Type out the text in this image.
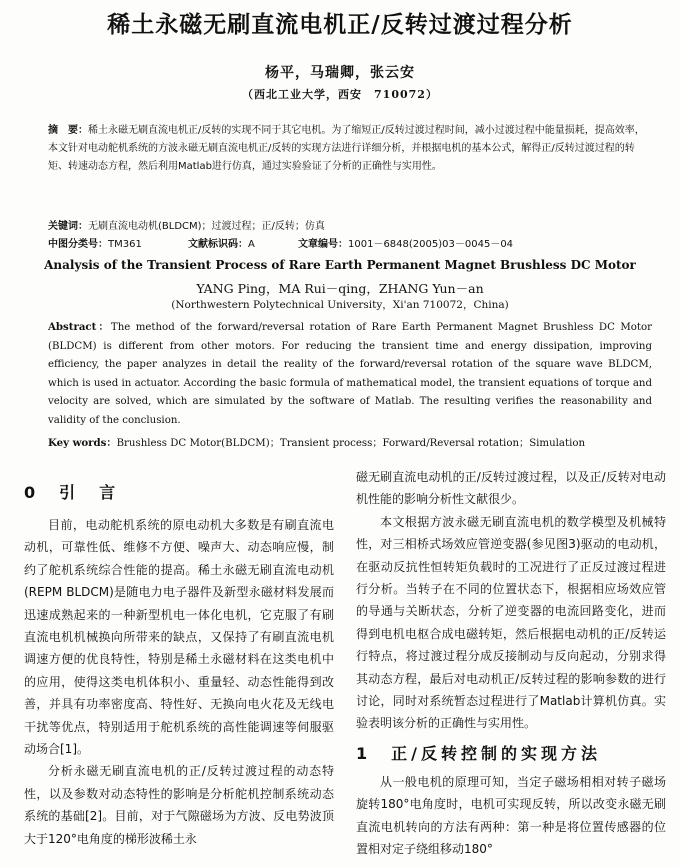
稀土永磁无刷直流电机正/反转过渡过程分析
杨平，马瑞卿，张云安
（西北工业大学，西安　710072）
摘　要：稀土永磁无刷直流电机正/反转的实现不同于其它电机。为了缩短正/反转过渡过程时间，减小过渡过程中能量损耗，提高效率，本文针对电动舵机系统的方波永磁无刷直流电机正/反转的实现方法进行详细分析，并根据电机的基本公式，解得正/反转过渡过程的转矩、转速动态方程，然后利用Matlab进行仿真，通过实验验证了分析的正确性与实用性。
关键词：无刷直流电动机(BLDCM)；过渡过程；正/反转；仿真
中图分类号：TM361	文献标识码：A	文章编号：1001－6848(2005)03－0045－04
Analysis of the Transient Process of Rare Earth Permanent Magnet Brushless DC Motor
YANG Ping，MA Rui－qing，ZHANG Yun－an
(Northwestern Polytechnical University，Xi'an 710072，China)
Abstract：The method of the forward/reversal rotation of Rare Earth Permanent Magnet Brushless DC Motor (BLDCM) is different from other motors. For reducing the transient time and energy dissipation, improving efficiency, the paper analyzes in detail the reality of the forward/reversal rotation of the square wave BLDCM, which is used in actuator. According the basic formula of mathematical model, the transient equations of torque and velocity are solved, which are simulated by the software of Matlab. The resulting verifies the reasonability and validity of the conclusion.
Key words：Brushless DC Motor(BLDCM)；Transient process；Forward/Reversal rotation；Simulation
0　引　言

目前，电动舵机系统的原电动机大多数是有刷直流电动机，可靠性低、维修不方便、噪声大、动态响应慢，制约了舵机系统综合性能的提高。稀土永磁无刷直流电动机(REPM BLDCM)是随电力电子器件及新型永磁材料发展而迅速成熟起来的一种新型机电一体化电机，它克服了有刷直流电机机械换向所带来的缺点，又保持了有刷直流电机调速方便的优良特性，特别是稀土永磁材料在这类电机中的应用，使得这类电机体积小、重量轻、动态性能得到改善，并具有功率密度高、特性好、无换向电火花及无线电干扰等优点，特别适用于舵机系统的高性能调速等伺服驱动场合[1]。

分析永磁无刷直流电机的正/反转过渡过程的动态特性，以及参数对动态特性的影响是分析舵机控制系统动态系统的基础[2]。目前，对于气隙磁场为方波、反电势波顶大于120°电角度的梯形波稀土永

磁无刷直流电动机的正/反转过渡过程，以及正/反转对电动机性能的影响分析性文献很少。

本文根据方波永磁无刷直流电机的数学模型及机械特性，对三相桥式场效应管逆变器(参见图3)驱动的电动机，在驱动反抗性恒转矩负载时的工况进行了正反过渡过程进行分析。当转子在不同的位置状态下，根据相应场效应管的导通与关断状态，分析了逆变器的电流回路变化，进而得到电机电枢合成电磁转矩，然后根据电动机的正/反转运行特点，将过渡过程分成反接制动与反向起动，分别求得其动态方程，最后对电动机正/反转过程的影响参数的进行讨论，同时对系统暂态过程进行了Matlab计算机仿真。实验表明该分析的正确性与实用性。

1　正/反转控制的实现方法

从一般电机的原理可知，当定子磁场相相对转子磁场旋转180°电角度时，电机可实现反转，所以改变永磁无刷直流电机转向的方法有两种：第一种是将位置传感器的位置相对定子绕组移动180°
